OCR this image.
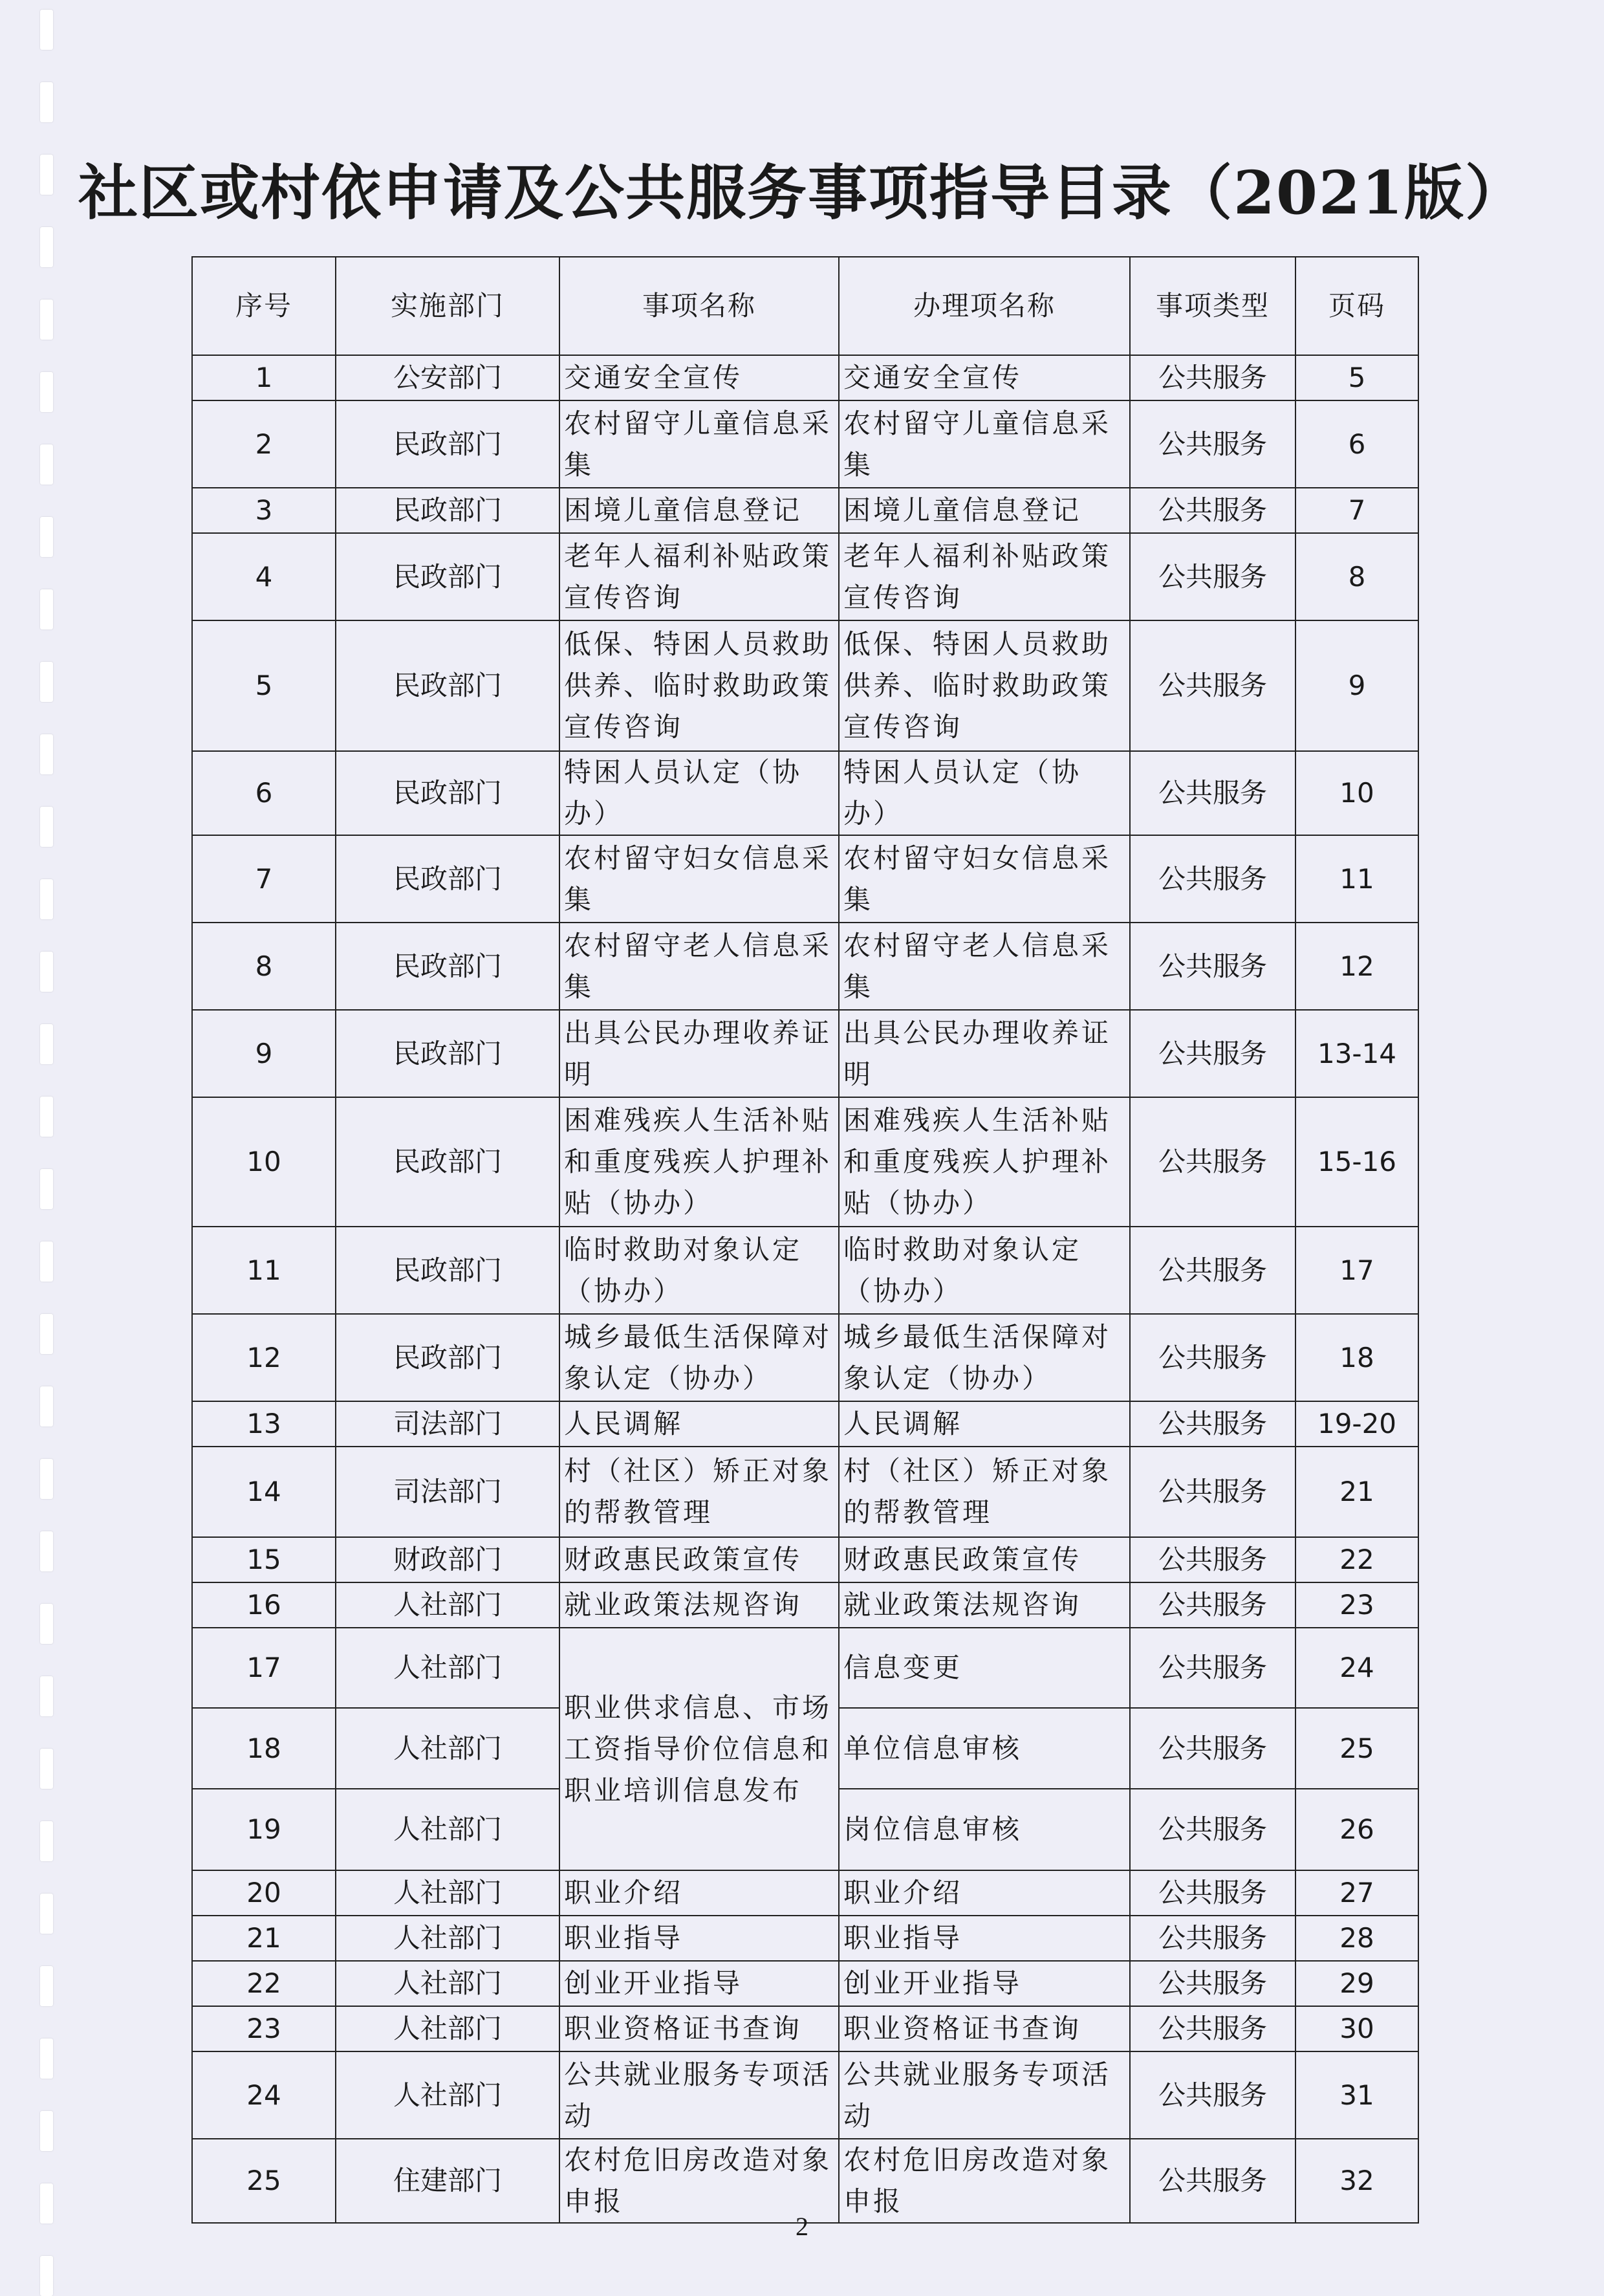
社区或村依申请及公共服务事项指导目录（2021版）
序号	实施部门	事项名称	办理项名称	事项类型	页码
1	公安部门	交通安全宣传	交通安全宣传	公共服务	5
2	民政部门	农村留守儿童信息采集	农村留守儿童信息采集	公共服务	6
3	民政部门	困境儿童信息登记	困境儿童信息登记	公共服务	7
4	民政部门	老年人福利补贴政策宣传咨询	老年人福利补贴政策宣传咨询	公共服务	8
5	民政部门	低保、特困人员救助供养、临时救助政策宣传咨询	低保、特困人员救助供养、临时救助政策宣传咨询	公共服务	9
6	民政部门	特困人员认定（协办）	特困人员认定（协办）	公共服务	10
7	民政部门	农村留守妇女信息采集	农村留守妇女信息采集	公共服务	11
8	民政部门	农村留守老人信息采集	农村留守老人信息采集	公共服务	12
9	民政部门	出具公民办理收养证明	出具公民办理收养证明	公共服务	13-14
10	民政部门	困难残疾人生活补贴和重度残疾人护理补贴（协办）	困难残疾人生活补贴和重度残疾人护理补贴（协办）	公共服务	15-16
11	民政部门	临时救助对象认定（协办）	临时救助对象认定（协办）	公共服务	17
12	民政部门	城乡最低生活保障对象认定（协办）	城乡最低生活保障对象认定（协办）	公共服务	18
13	司法部门	人民调解	人民调解	公共服务	19-20
14	司法部门	村（社区）矫正对象的帮教管理	村（社区）矫正对象的帮教管理	公共服务	21
15	财政部门	财政惠民政策宣传	财政惠民政策宣传	公共服务	22
16	人社部门	就业政策法规咨询	就业政策法规咨询	公共服务	23
17	人社部门	职业供求信息、市场工资指导价位信息和职业培训信息发布	信息变更	公共服务	24
18	人社部门		单位信息审核	公共服务	25
19	人社部门		岗位信息审核	公共服务	26
20	人社部门	职业介绍	职业介绍	公共服务	27
21	人社部门	职业指导	职业指导	公共服务	28
22	人社部门	创业开业指导	创业开业指导	公共服务	29
23	人社部门	职业资格证书查询	职业资格证书查询	公共服务	30
24	人社部门	公共就业服务专项活动	公共就业服务专项活动	公共服务	31
25	住建部门	农村危旧房改造对象申报	农村危旧房改造对象申报	公共服务	32
2
